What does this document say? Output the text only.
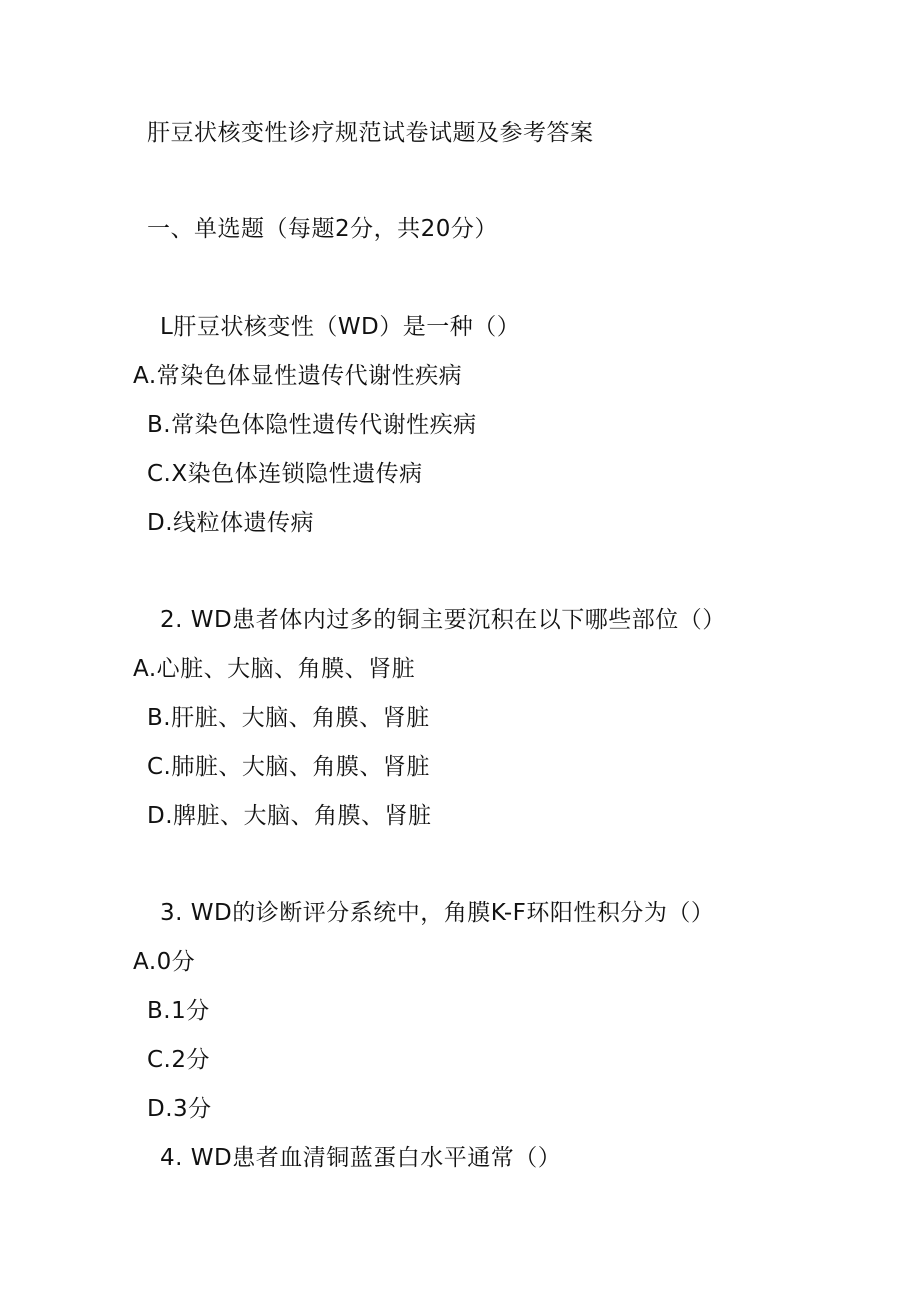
肝豆状核变性诊疗规范试卷试题及参考答案
一、单选题（每题2分，共20分）
L肝豆状核变性（WD）是一种（）
A.常染色体显性遗传代谢性疾病
B.常染色体隐性遗传代谢性疾病
C.X染色体连锁隐性遗传病
D.线粒体遗传病
2. WD患者体内过多的铜主要沉积在以下哪些部位（）
A.心脏、大脑、角膜、肾脏
B.肝脏、大脑、角膜、肾脏
C.肺脏、大脑、角膜、肾脏
D.脾脏、大脑、角膜、肾脏
3. WD的诊断评分系统中，角膜K-F环阳性积分为（）
A.0分
B.1分
C.2分
D.3分
4. WD患者血清铜蓝蛋白水平通常（）
